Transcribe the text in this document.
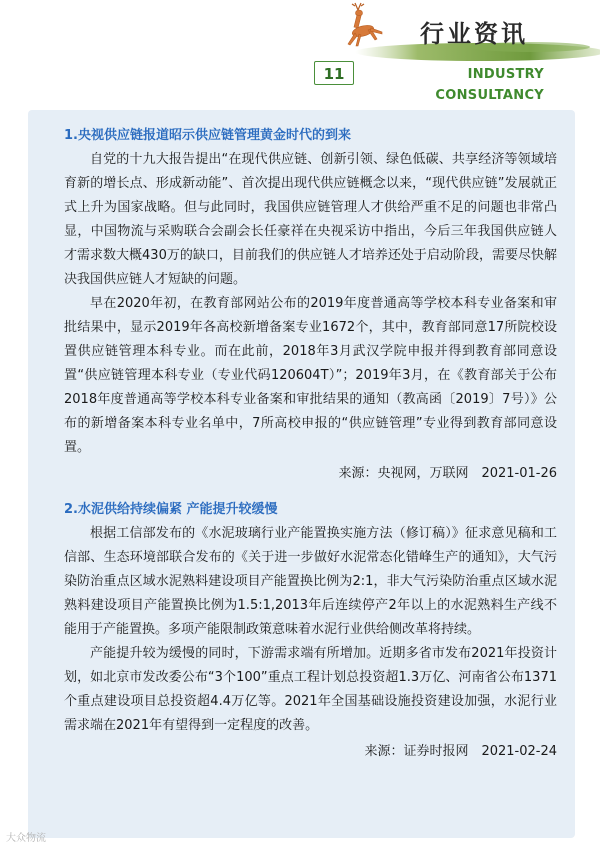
行业资讯
11	INDUSTRY
CONSULTANCY
1.央视供应链报道昭示供应链管理黄金时代的到来

自党的十九大报告提出“在现代供应链、创新引领、绿色低碳、共享经济等领域培育新的增长点、形成新动能”、首次提出现代供应链概念以来，“现代供应链”发展就正式上升为国家战略。但与此同时，我国供应链管理人才供给严重不足的问题也非常凸显，中国物流与采购联合会副会长任豪祥在央视采访中指出，今后三年我国供应链人才需求数大概430万的缺口，目前我们的供应链人才培养还处于启动阶段，需要尽快解决我国供应链人才短缺的问题。

早在2020年初，在教育部网站公布的2019年度普通高等学校本科专业备案和审批结果中，显示2019年各高校新增备案专业1672个，其中，教育部同意17所院校设置供应链管理本科专业。而在此前，2018年3月武汉学院申报并得到教育部同意设置“供应链管理本科专业（专业代码120604T）”；2019年3月，在《教育部关于公布2018年度普通高等学校本科专业备案和审批结果的通知（教高函〔2019〕7号）》公布的新增备案本科专业名单中，7所高校申报的“供应链管理”专业得到教育部同意设置。

来源：央视网，万联网　2021-01-26

2.水泥供给持续偏紧 产能提升较缓慢

根据工信部发布的《水泥玻璃行业产能置换实施方法（修订稿）》征求意见稿和工信部、生态环境部联合发布的《关于进一步做好水泥常态化错峰生产的通知》，大气污染防治重点区域水泥熟料建设项目产能置换比例为2:1，非大气污染防治重点区域水泥熟料建设项目产能置换比例为1.5:1,2013年后连续停产2年以上的水泥熟料生产线不能用于产能置换。多项产能限制政策意味着水泥行业供给侧改革将持续。

产能提升较为缓慢的同时，下游需求端有所增加。近期多省市发布2021年投资计划，如北京市发改委公布“3个100”重点工程计划总投资超1.3万亿、河南省公布1371个重点建设项目总投资超4.4万亿等。2021年全国基础设施投资建设加强，水泥行业需求端在2021年有望得到一定程度的改善。

来源：证券时报网　2021-02-24

大众物流
